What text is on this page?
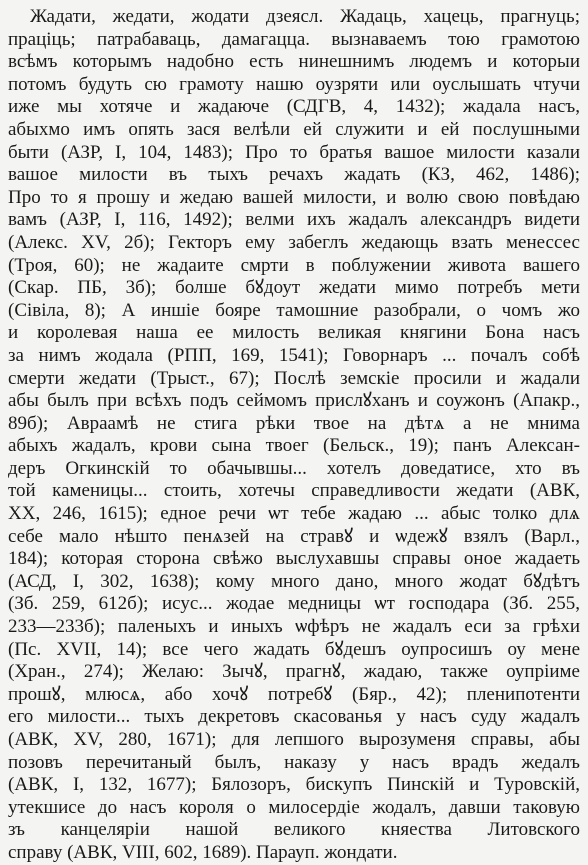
Жадати, жедати, жодати дзеясл. Жадаць, хацець, прагнуць;
працiць; патрабаваць, дамагацца. вызнаваемъ тою грамотою
всѣмъ которымъ надобно есть нинешнимъ людемъ и которыи
потомъ будуть сю грамоту нашю оузряти или оуслышать чтучи
иже мы хотяче и жадаюче (СДГВ, 4, 1432); жадала насъ,
абыхмо имъ опять зася велѣли ей служити и ей послушными
быти (АЗР, I, 104, 1483); Про то братья вашое милости казали
вашое милости въ тыхъ речахъ жадать (КЗ, 462, 1486);
Про то я прошу и жедаю вашей милости, и волю свою повѣдаю
вамъ (АЗР, I, 116, 1492); велми ихъ жадалъ александръ видети
(Алекс. XV, 2б); Гекторъ ему забеглъ жедающь взать менессес
(Троя, 60); не жадаите смрти в поблужении живота вашего
(Скар. ПБ, 3б); болше бꙋдоут жедати мимо потребъ мети
(Сiвiла, 8); А иншiе бояре тамошние разобрали, о чомъ жо
и королевая наша ее милость великая княгини Бона насъ
за нимъ жодала (РПП, 169, 1541); Говорнаръ ... почалъ собѣ
смерти жедати (Трыст., 67); Послѣ земскiе просили и жадали
абы былъ при всѣхъ подъ сеймомъ прислꙋханъ и соужонъ (Апакр.,
89б); Авраамѣ не стига рѣки твое на дѣтѧ а не мнима
абыхъ жадалъ, крови сына твоег (Бельск., 19); панъ Алексан-
деръ Огкинскiй то обачывшы... хотелъ доведатисе, хто въ
той каменицы... стоить, хотечы справедливости жедати (АВК,
XX, 246, 1615); едное речи ѡт тебе жадаю ... абыс толко длѧ
себе мало нѣшто пенѧзей на стравꙋ и ѡдежꙋ взялъ (Варл.,
184); которая сторона свѣжо выслухавшы справы оное жадаеть
(АСД, I, 302, 1638); кому много дано, много жодат бꙋдѣтъ
(Зб. 259, 612б); исус... жодае медницы ѡт господара (Зб. 255,
233—233б); паленыхъ и иныхъ ѡфѣръ не жадалъ еси за грѣхи
(Пс. XVII, 14); все чего жадать бꙋдешъ оупросишъ оу мене
(Хран., 274); Желаю: Зычꙋ, прагнꙋ, жадаю, также оупрiиме
прошꙋ, млюсѧ, або хочꙋ потребꙋ (Бяр., 42); пленипотенти
его милости... тыхъ декретовъ скасованья у насъ суду жадалъ
(АВК, XV, 280, 1671); для лепшого вырозуменя справы, абы
позовъ перечитаный былъ, наказу у насъ врадъ жедалъ
(АВК, I, 132, 1677); Бялозоръ, бискупъ Пинскiй и Туровскiй,
утекшисе до насъ короля о милосердiе жодалъ, давши таковую
зъ канцелярiи нашой великого княества Литовского
справу (АВК, VIII, 602, 1689). Парауп. жондати.
